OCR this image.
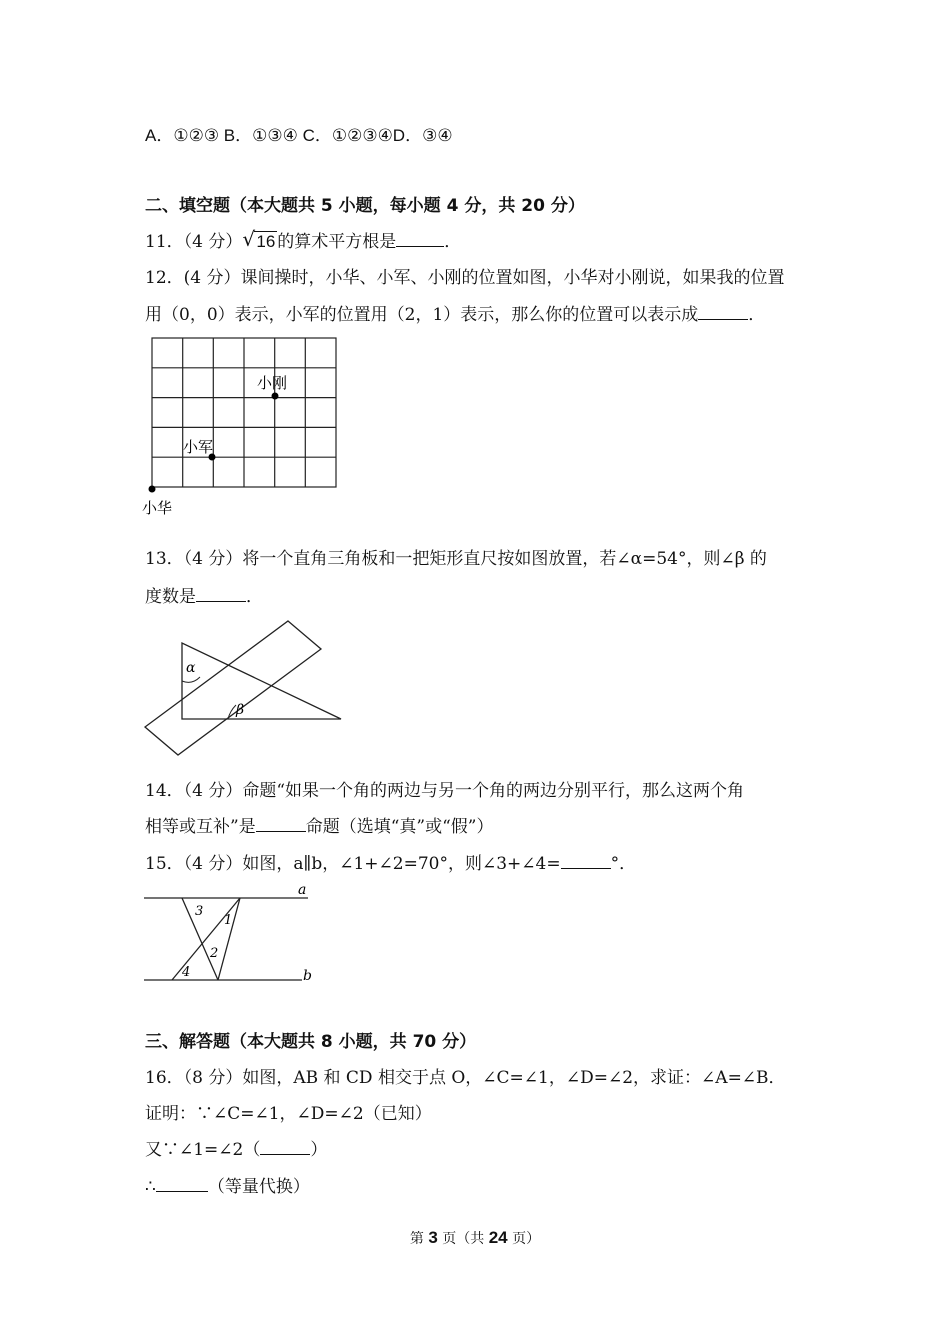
A．①②③ B．①③④ C．①②③④D．③④
二、填空题（本大题共 5 小题，每小题 4 分，共 20 分）
11．（4 分） √ 16 的算术平方根是	．
12．(4 分）课间操时，小华、小军、小刚的位置如图，小华对小刚说，如果我的位置
用（0，0）表示，小军的位置用（2，1）表示，那么你的位置可以表示成	．
小刚
小军
小华
13．（4 分）将一个直角三角板和一把矩形直尺按如图放置，若∠α=54°，则∠β 的
度数是	．
α
β
14．（4 分）命题“如果一个角的两边与另一个角的两边分别平行，那么这两个角
相等或互补”是	命题（选填“真”或“假”）
15．（4 分）如图，a∥b，∠1+∠2=70°，则∠3+∠4=	°．
a
b
1
2
3
4
三、解答题（本大题共 8 小题，共 70 分）
16．（8 分）如图，AB 和 CD 相交于点 O，∠C=∠1，∠D=∠2，求证：∠A=∠B．
证明：∵∠C=∠1，∠D=∠2（已知）
又∵∠1=∠2（	）
∴	（等量代换）
第 3 页（共 24 页）
